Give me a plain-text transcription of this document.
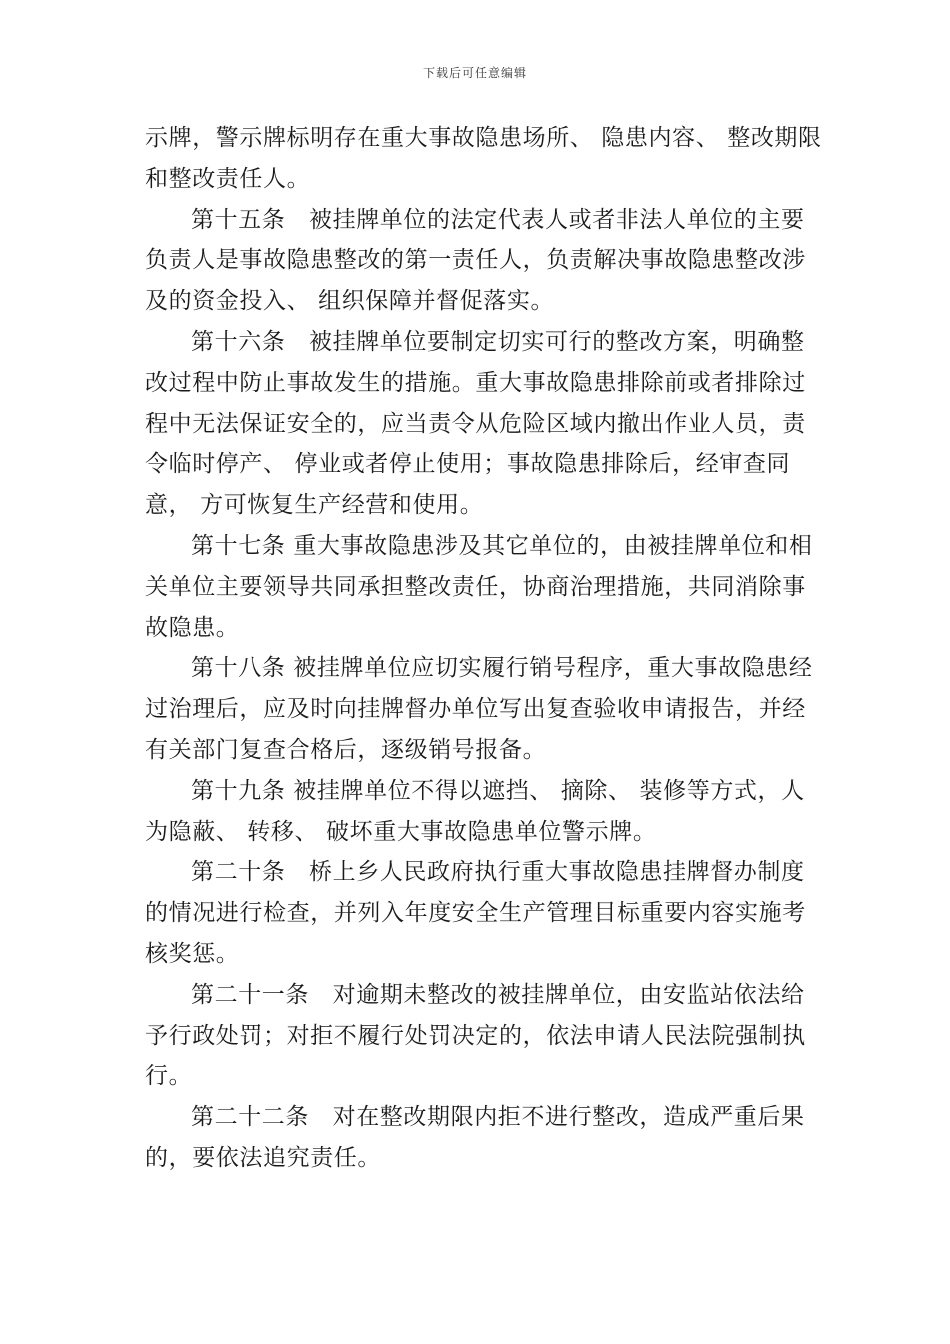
下载后可任意编辑

示牌，警示牌标明存在重大事故隐患场所、 隐患内容、 整改期限和整改责任人。

第十五条　被挂牌单位的法定代表人或者非法人单位的主要负责人是事故隐患整改的第一责任人，负责解决事故隐患整改涉及的资金投入、 组织保障并督促落实。

第十六条　被挂牌单位要制定切实可行的整改方案，明确整改过程中防止事故发生的措施。重大事故隐患排除前或者排除过程中无法保证安全的，应当责令从危险区域内撤出作业人员，责令临时停产、 停业或者停止使用；事故隐患排除后，经审查同意， 方可恢复生产经营和使用。

第十七条 重大事故隐患涉及其它单位的，由被挂牌单位和相关单位主要领导共同承担整改责任，协商治理措施，共同消除事故隐患。

第十八条 被挂牌单位应切实履行销号程序，重大事故隐患经过治理后，应及时向挂牌督办单位写出复查验收申请报告，并经有关部门复查合格后，逐级销号报备。

第十九条 被挂牌单位不得以遮挡、 摘除、 装修等方式，人为隐蔽、 转移、 破坏重大事故隐患单位警示牌。

第二十条　桥上乡人民政府执行重大事故隐患挂牌督办制度的情况进行检查，并列入年度安全生产管理目标重要内容实施考核奖惩。

第二十一条　对逾期未整改的被挂牌单位，由安监站依法给予行政处罚；对拒不履行处罚决定的，依法申请人民法院强制执行。

第二十二条　对在整改期限内拒不进行整改，造成严重后果的，要依法追究责任。
